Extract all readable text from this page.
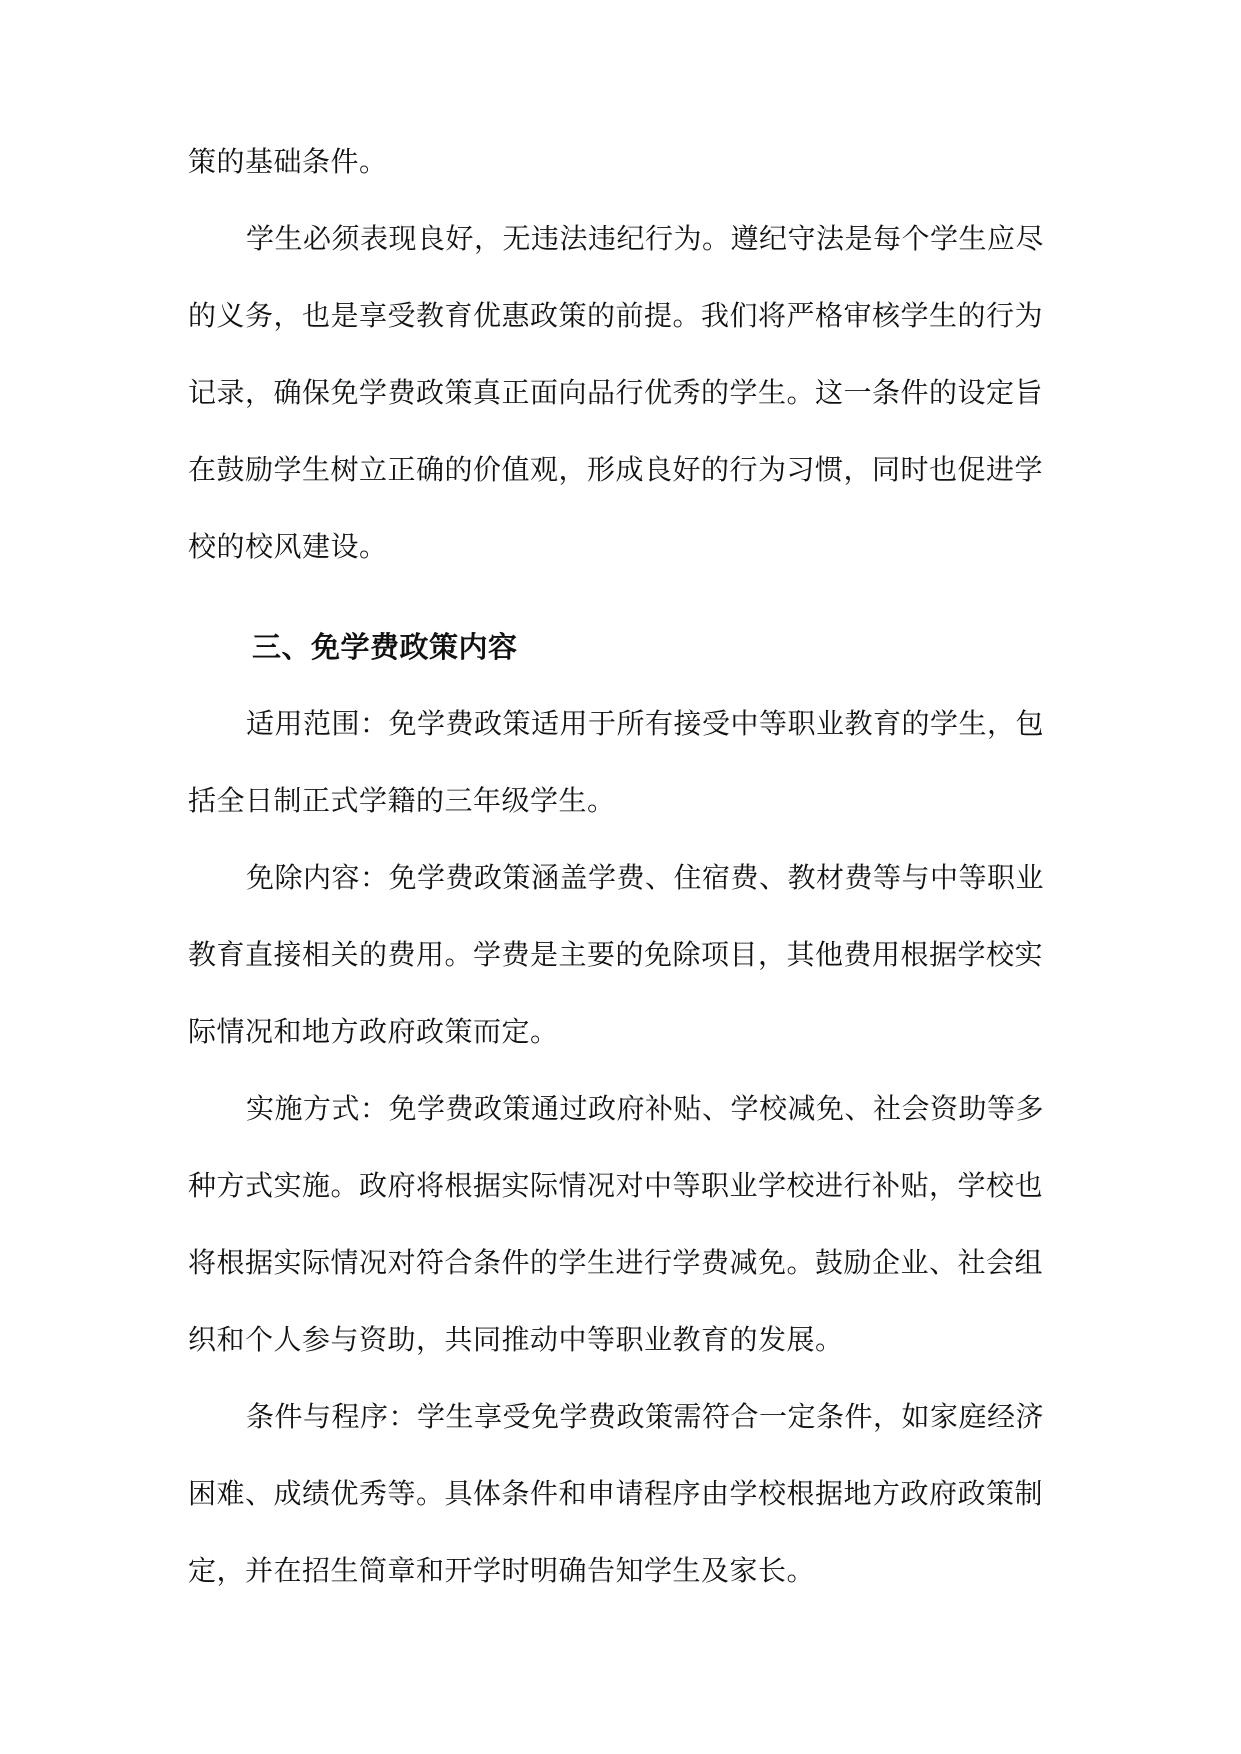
策的基础条件。
学生必须表现良好，无违法违纪行为。遵纪守法是每个学生应尽
的义务，也是享受教育优惠政策的前提。我们将严格审核学生的行为
记录，确保免学费政策真正面向品行优秀的学生。这一条件的设定旨
在鼓励学生树立正确的价值观，形成良好的行为习惯，同时也促进学
校的校风建设。
三、免学费政策内容
适用范围：免学费政策适用于所有接受中等职业教育的学生，包
括全日制正式学籍的三年级学生。
免除内容：免学费政策涵盖学费、住宿费、教材费等与中等职业
教育直接相关的费用。学费是主要的免除项目，其他费用根据学校实
际情况和地方政府政策而定。
实施方式：免学费政策通过政府补贴、学校减免、社会资助等多
种方式实施。政府将根据实际情况对中等职业学校进行补贴，学校也
将根据实际情况对符合条件的学生进行学费减免。鼓励企业、社会组
织和个人参与资助，共同推动中等职业教育的发展。
条件与程序：学生享受免学费政策需符合一定条件，如家庭经济
困难、成绩优秀等。具体条件和申请程序由学校根据地方政府政策制
定，并在招生简章和开学时明确告知学生及家长。
